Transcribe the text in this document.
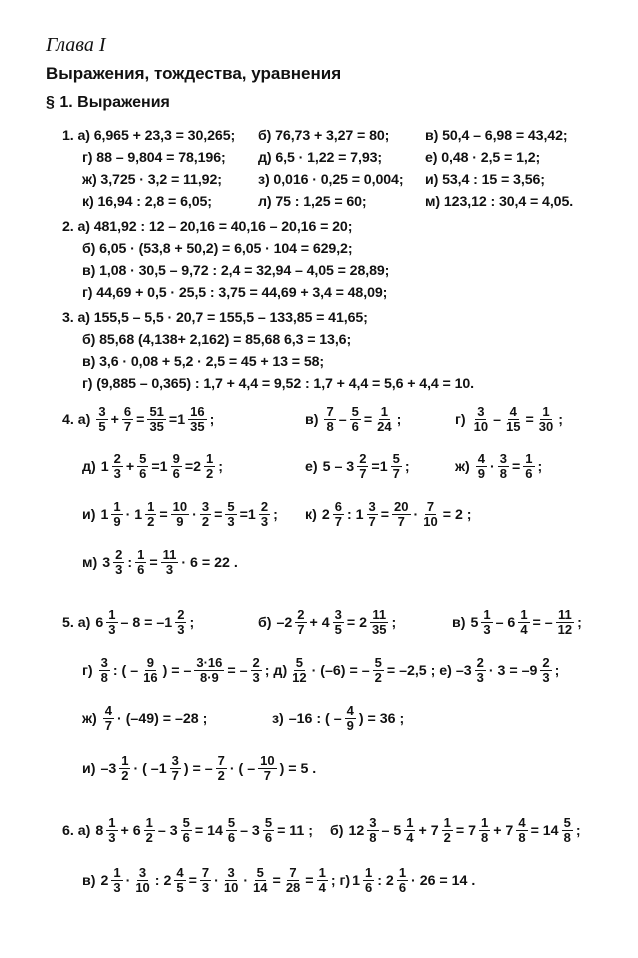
Глава I
Выражения, тождества, уравнения
§ 1. Выражения
1. а) 6,965 + 23,3 = 30,265; б) 76,73 + 3,27 = 80;	в) 50,4 – 6,98 = 43,42;
г) 88 – 9,804 = 78,196; д) 6,5 · 1,22 = 7,93;	е) 0,48 · 2,5 = 1,2;
ж) 3,725 · 3,2 = 11,92;	з) 0,016 · 0,25 = 0,004; и) 53,4 : 15 = 3,56;
к) 16,94 : 2,8 = 6,05;	л) 75 : 1,25 = 60;	м) 123,12 : 30,4 = 4,05.
2. а) 481,92 : 12 – 20,16 = 40,16 – 20,16 = 20;
б) 6,05 · (53,8 + 50,2) = 6,05 · 104 = 629,2;
в) 1,08 · 30,5 – 9,72 : 2,4 = 32,94 – 4,05 = 28,89;
г) 44,69 + 0,5 · 25,5 : 3,75 = 44,69 + 3,4 = 48,09;
3. а) 155,5 – 5,5 · 20,7 = 155,5 – 133,85 = 41,65;
б) 85,68 (4,138+ 2,162) = 85,68 6,3 = 13,6;
в) 3,6 · 0,08 + 5,2 · 2,5 = 45 + 13 = 58;
г) (9,885 – 0,365) : 1,7 + 4,4 = 9,52 : 1,7 + 4,4 = 5,6 + 4,4 = 10.
4. $а) \frac{3}{5} + \frac{6}{7} = \frac{51}{35} =1 \frac{16}{35}$ ;	$в) \frac{7}{8} - \frac{5}{6} = \frac{1}{24}$ ;	$г) \frac{3}{10} - \frac{4}{15} = \frac{1}{30}$ ;
д) $1 \frac{2}{3} + \frac{5}{6} =1 \frac{9}{6} =2 \frac{1}{2}$ ;	е) $5 - 3 \frac{2}{7} =1 \frac{5}{7}$ ;	$ж) \frac{4}{9} \cdot \frac{3}{8} = \frac{1}{6}$ ;
и) $1 \frac{1}{9} \cdot 1 \frac{1}{2} = \frac{10}{9} \cdot \frac{3}{2} = \frac{5}{3} =1 \frac{2}{3}$ ; к) $2 \frac{6}{7}$ : $1 \frac{3}{7} = \frac{20}{7} \cdot \frac{7}{10} = 2$ ;
м) $3 \frac{2}{3}$ : $\frac{1}{6} = \frac{11}{3} \cdot 6 = 22$ .
5. а) $6 \frac{1}{3} - 8 = -1 \frac{2}{3}$ ;	б) $-2 \frac{2}{7} + 4 \frac{3}{5} = 2 \frac{11}{35}$ ;	в) $5 \frac{1}{3} - 6 \frac{1}{4}$ = – $\frac{11}{12}$ ;
$г) \frac{3}{8}$ : ( – $\frac{9}{16}$ ) = – $\frac{3\cdot 16}{8\cdot 9}$ = – $\frac{2}{3}$ ; $д) \frac{5}{12} \cdot (-6)$ = – $\frac{5}{2} = -2,5$ ; е) $-3 \frac{2}{3} \cdot 3 = -9 \frac{2}{3}$ ;
$ж) \frac{4}{7} \cdot (-49) = -28$ ;	з) –16 : ( – $\frac{4}{9}$ ) = 36 ;
и) $-3 \frac{1}{2}$ · ( $-1 \frac{3}{7}$ ) = – $\frac{7}{2}$ · ( – $\frac{10}{7}$ ) = 5 .
6. а) $8 \frac{1}{3} + 6 \frac{1}{2} - 3 \frac{5}{6} = 14 \frac{5}{6} - 3 \frac{5}{6} = 11$ ; б) $12 \frac{3}{8} - 5 \frac{1}{4} + 7 \frac{1}{2} = 7 \frac{1}{8} + 7 \frac{4}{8} = 14 \frac{5}{8}$ ;
в) $2 \frac{1}{3} \cdot \frac{3}{10}$ : $2 \frac{4}{5} = \frac{7}{3} \cdot \frac{3}{10} \cdot \frac{5}{14} = \frac{7}{28} = \frac{1}{4}$ ; г) $1 \frac{1}{6}$ : $2 \frac{1}{6} \cdot 26 = 14$ .
